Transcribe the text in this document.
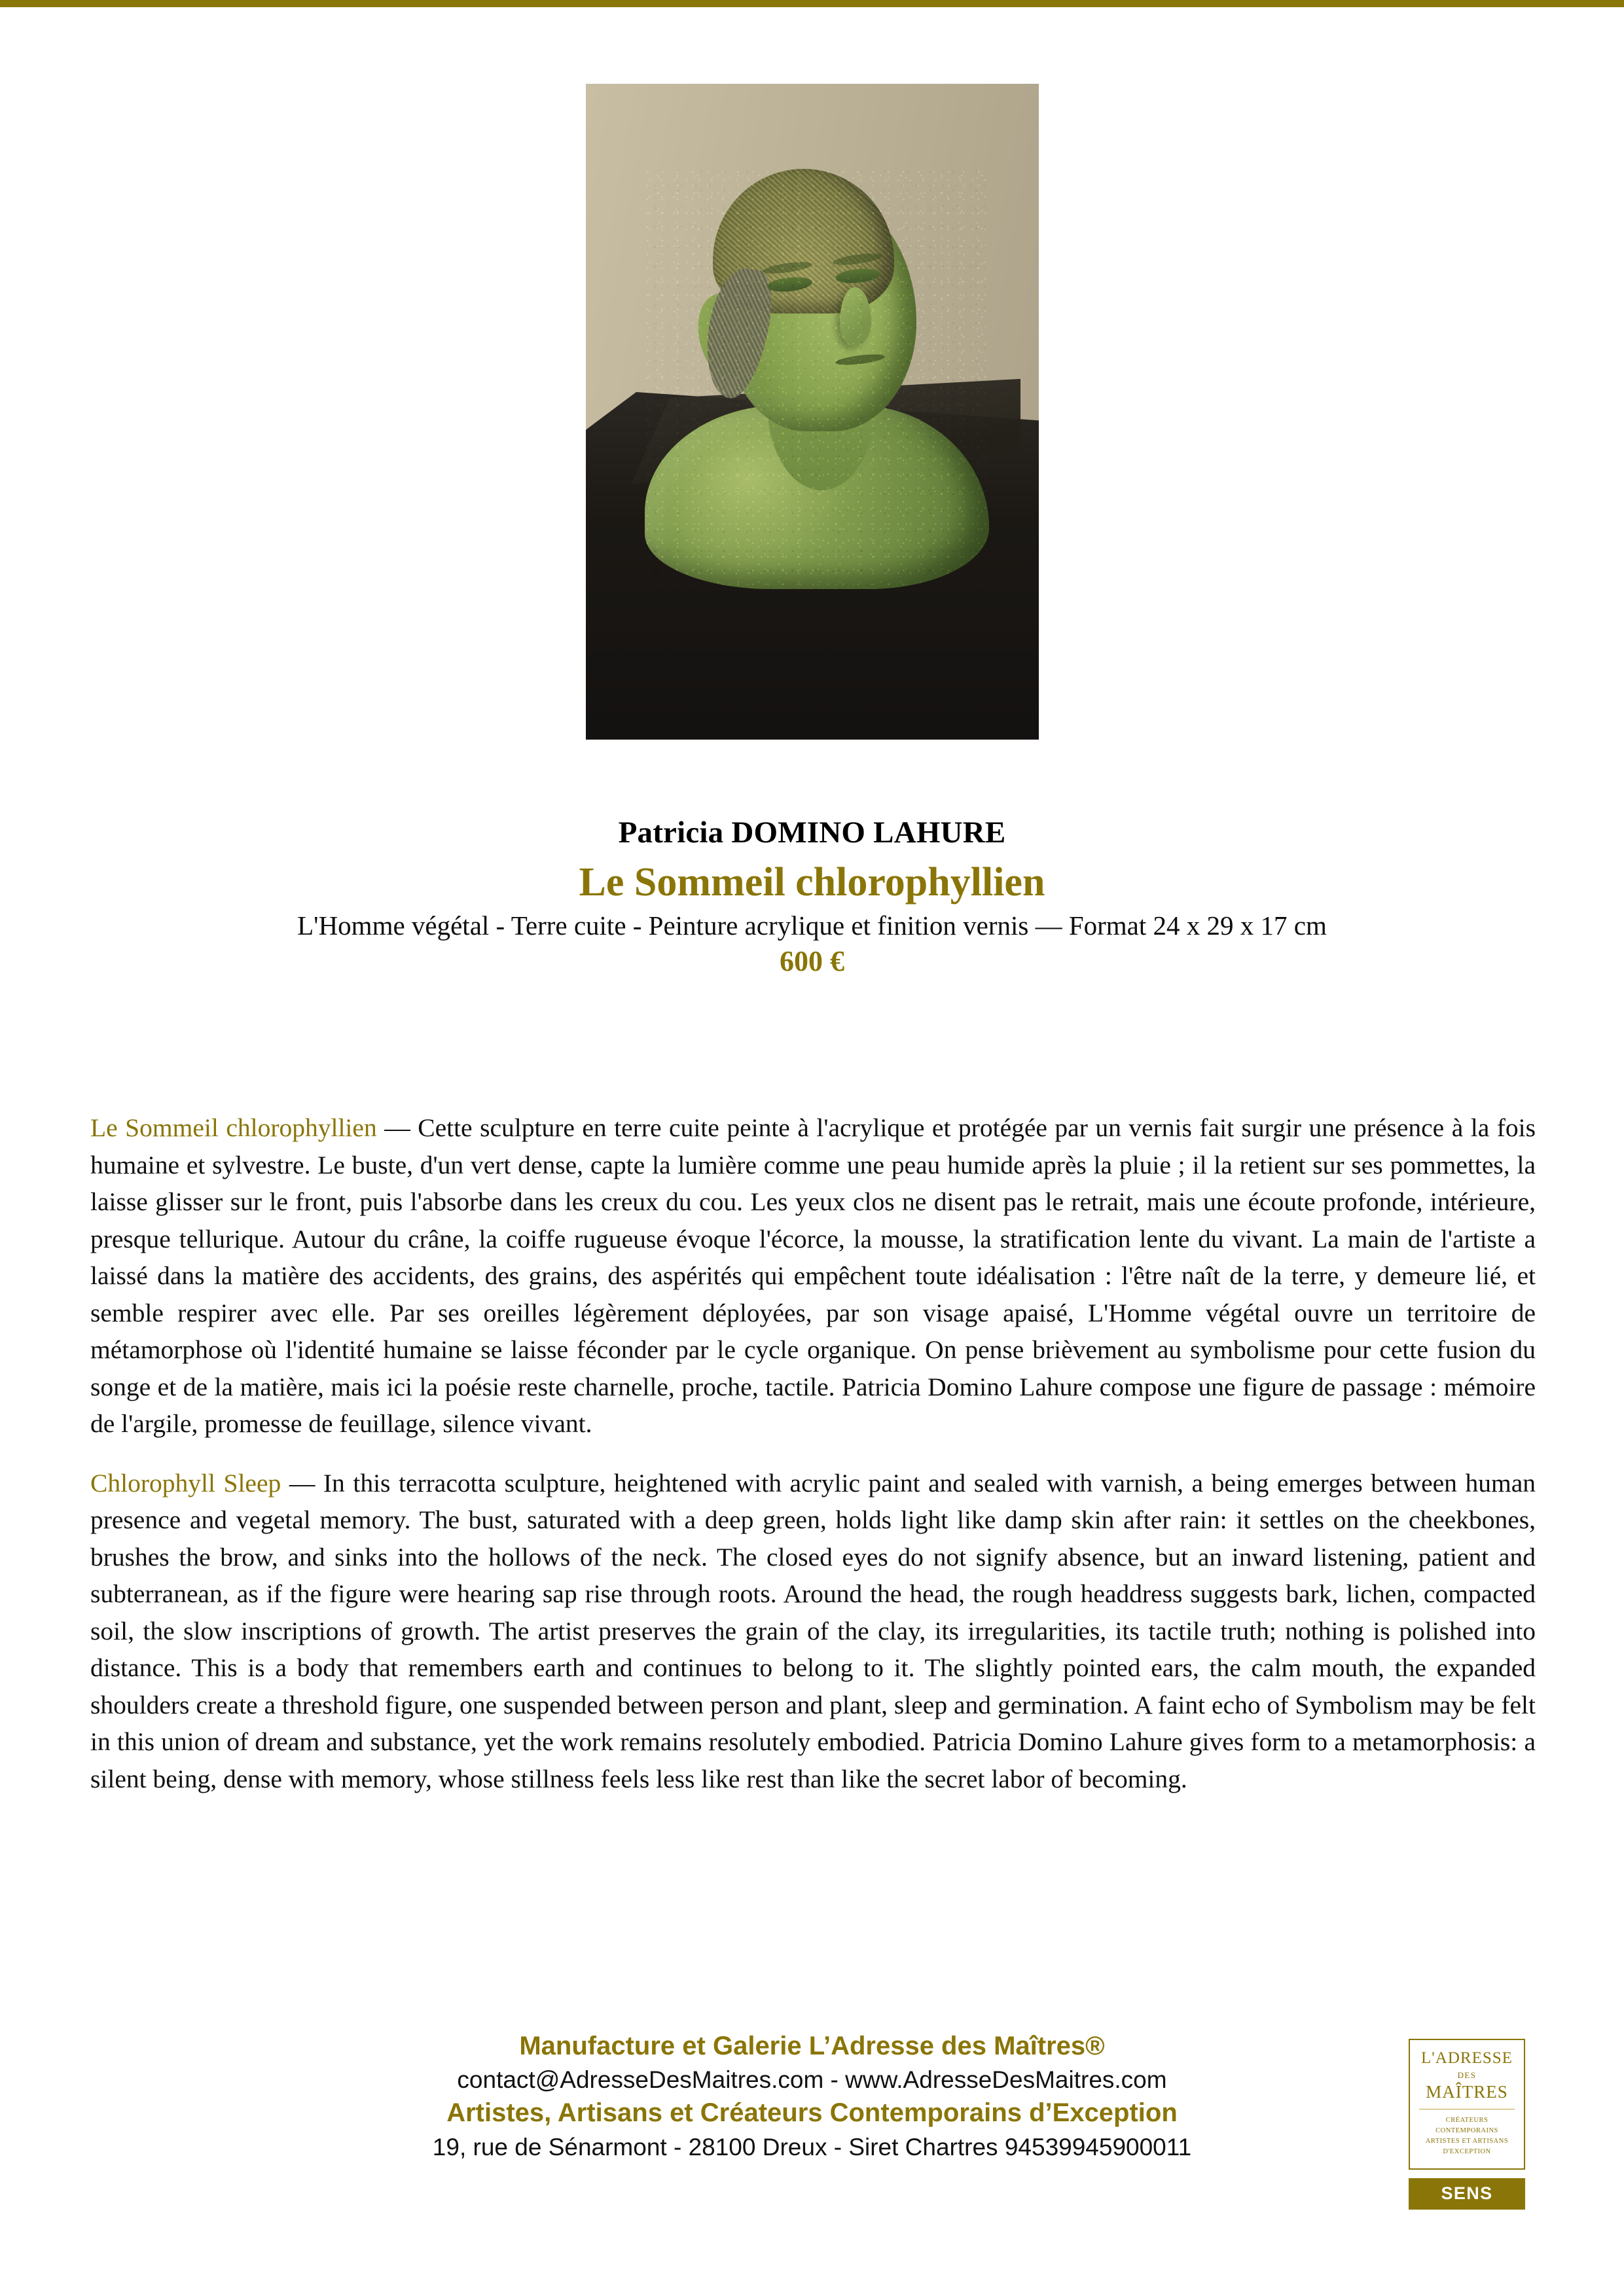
Patricia DOMINO LAHURE
Le Sommeil chlorophyllien
L'Homme végétal - Terre cuite - Peinture acrylique et finition vernis — Format 24 x 29 x 17 cm
600 €

Le Sommeil chlorophyllien — Cette sculpture en terre cuite peinte à l'acrylique et protégée par un vernis fait surgir une présence à la fois humaine et sylvestre. Le buste, d'un vert dense, capte la lumière comme une peau humide après la pluie ; il la retient sur ses pommettes, la laisse glisser sur le front, puis l'absorbe dans les creux du cou. Les yeux clos ne disent pas le retrait, mais une écoute profonde, intérieure, presque tellurique. Autour du crâne, la coiffe rugueuse évoque l'écorce, la mousse, la stratification lente du vivant. La main de l'artiste a laissé dans la matière des accidents, des grains, des aspérités qui empêchent toute idéalisation : l'être naît de la terre, y demeure lié, et semble respirer avec elle. Par ses oreilles légèrement déployées, par son visage apaisé, L'Homme végétal ouvre un territoire de métamorphose où l'identité humaine se laisse féconder par le cycle organique. On pense brièvement au symbolisme pour cette fusion du songe et de la matière, mais ici la poésie reste charnelle, proche, tactile. Patricia Domino Lahure compose une figure de passage : mémoire de l'argile, promesse de feuillage, silence vivant.

Chlorophyll Sleep — In this terracotta sculpture, heightened with acrylic paint and sealed with varnish, a being emerges between human presence and vegetal memory. The bust, saturated with a deep green, holds light like damp skin after rain: it settles on the cheekbones, brushes the brow, and sinks into the hollows of the neck. The closed eyes do not signify absence, but an inward listening, patient and subterranean, as if the figure were hearing sap rise through roots. Around the head, the rough headdress suggests bark, lichen, compacted soil, the slow inscriptions of growth. The artist preserves the grain of the clay, its irregularities, its tactile truth; nothing is polished into distance. This is a body that remembers earth and continues to belong to it. The slightly pointed ears, the calm mouth, the expanded shoulders create a threshold figure, one suspended between person and plant, sleep and germination. A faint echo of Symbolism may be felt in this union of dream and substance, yet the work remains resolutely embodied. Patricia Domino Lahure gives form to a metamorphosis: a silent being, dense with memory, whose stillness feels less like rest than like the secret labor of becoming.

Manufacture et Galerie L’Adresse des Maîtres®
contact@AdresseDesMaitres.com - www.AdresseDesMaitres.com
Artistes, Artisans et Créateurs Contemporains d’Exception
19, rue de Sénarmont - 28100 Dreux - Siret Chartres 94539945900011
L'ADRESSE
DES
MAÎTRES
CRÉATEURS CONTEMPORAINS
ARTISTES ET ARTISANS
D'EXCEPTION
SENS
